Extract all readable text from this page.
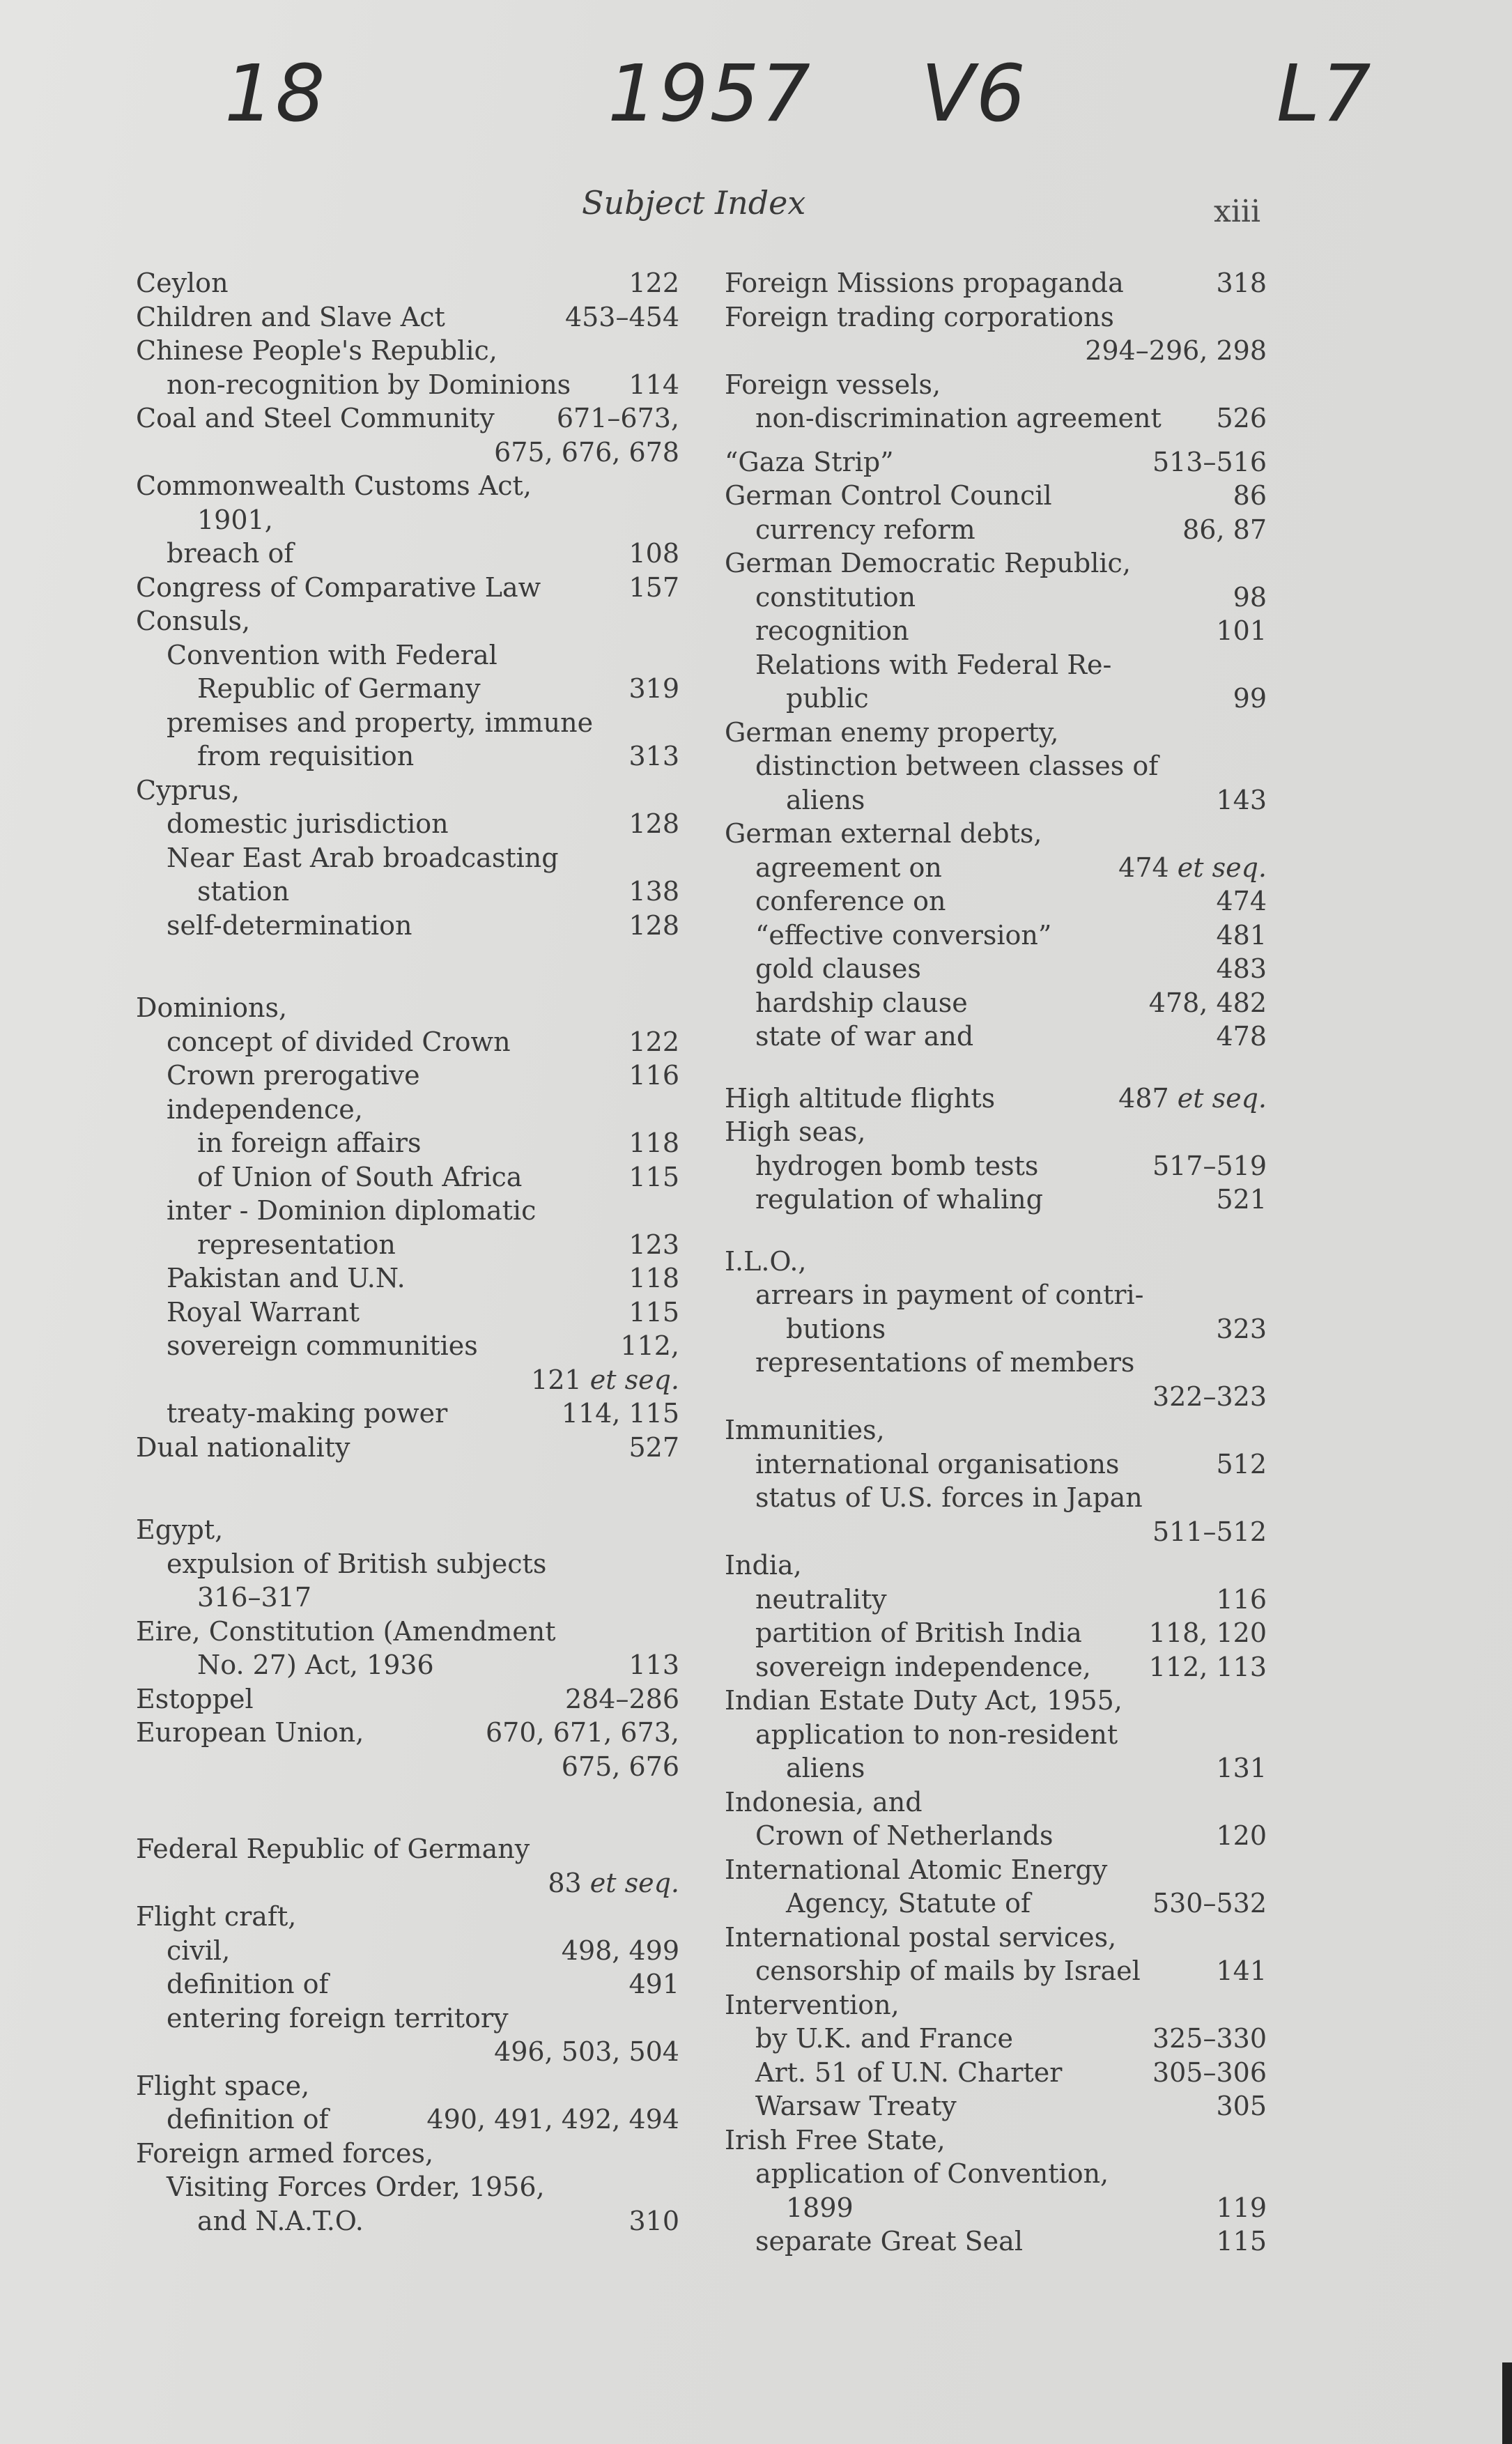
18	1957 V6	L7
Subject Index	xiii
Ceylon	122
Children and Slave Act	453–454
Chinese People's Republic,
non-recognition by Dominions	114
Coal and Steel Community	671–673,

675, 676, 678
Commonwealth Customs Act,
1901,
breach of	108
Congress of Comparative Law	157
Consuls,
Convention with Federal
Republic of Germany	319
premises and property, immune
from requisition	313
Cyprus,
domestic jurisdiction	128
Near East Arab broadcasting
station	138
self-determination	128
Dominions,
concept of divided Crown	122
Crown prerogative	116
independence,
in foreign affairs	118
of Union of South Africa	115
inter - Dominion diplomatic
representation	123
Pakistan and U.N.	118
Royal Warrant	115
sovereign communities	112,

121 et seq.
treaty-making power	114, 115
Dual nationality	527
Egypt,
expulsion of British subjects
316–317
Eire, Constitution (Amendment
No. 27) Act, 1936	113
Estoppel	284–286
European Union,	670, 671, 673,

675, 676
Federal Republic of Germany

83 et seq.
Flight craft,
civil,	498, 499
definition of	491
entering foreign territory

496, 503, 504
Flight space,
definition of	490, 491, 492, 494
Foreign armed forces,
Visiting Forces Order, 1956,
and N.A.T.O.	310
Foreign Missions propaganda	318
Foreign trading corporations

294–296, 298
Foreign vessels,
non-discrimination agreement	526
“Gaza Strip”	513–516
German Control Council	86
currency reform	86, 87
German Democratic Republic,
constitution	98
recognition	101
Relations with Federal Re-
public	99
German enemy property,
distinction between classes of
aliens	143
German external debts,
agreement on	474 et seq.
conference on	474
“effective conversion”	481
gold clauses	483
hardship clause	478, 482
state of war and	478
High altitude flights	487 et seq.
High seas,
hydrogen bomb tests	517–519
regulation of whaling	521
I.L.O.,
arrears in payment of contri-
butions	323
representations of members

322–323
Immunities,
international organisations	512
status of U.S. forces in Japan

511–512
India,
neutrality	116
partition of British India	118, 120
sovereign independence,	112, 113
Indian Estate Duty Act, 1955,
application to non-resident
aliens	131
Indonesia, and
Crown of Netherlands	120
International Atomic Energy
Agency, Statute of	530–532
International postal services,
censorship of mails by Israel	141
Intervention,
by U.K. and France	325–330
Art. 51 of U.N. Charter	305–306
Warsaw Treaty	305
Irish Free State,
application of Convention,
1899	119
separate Great Seal	115
